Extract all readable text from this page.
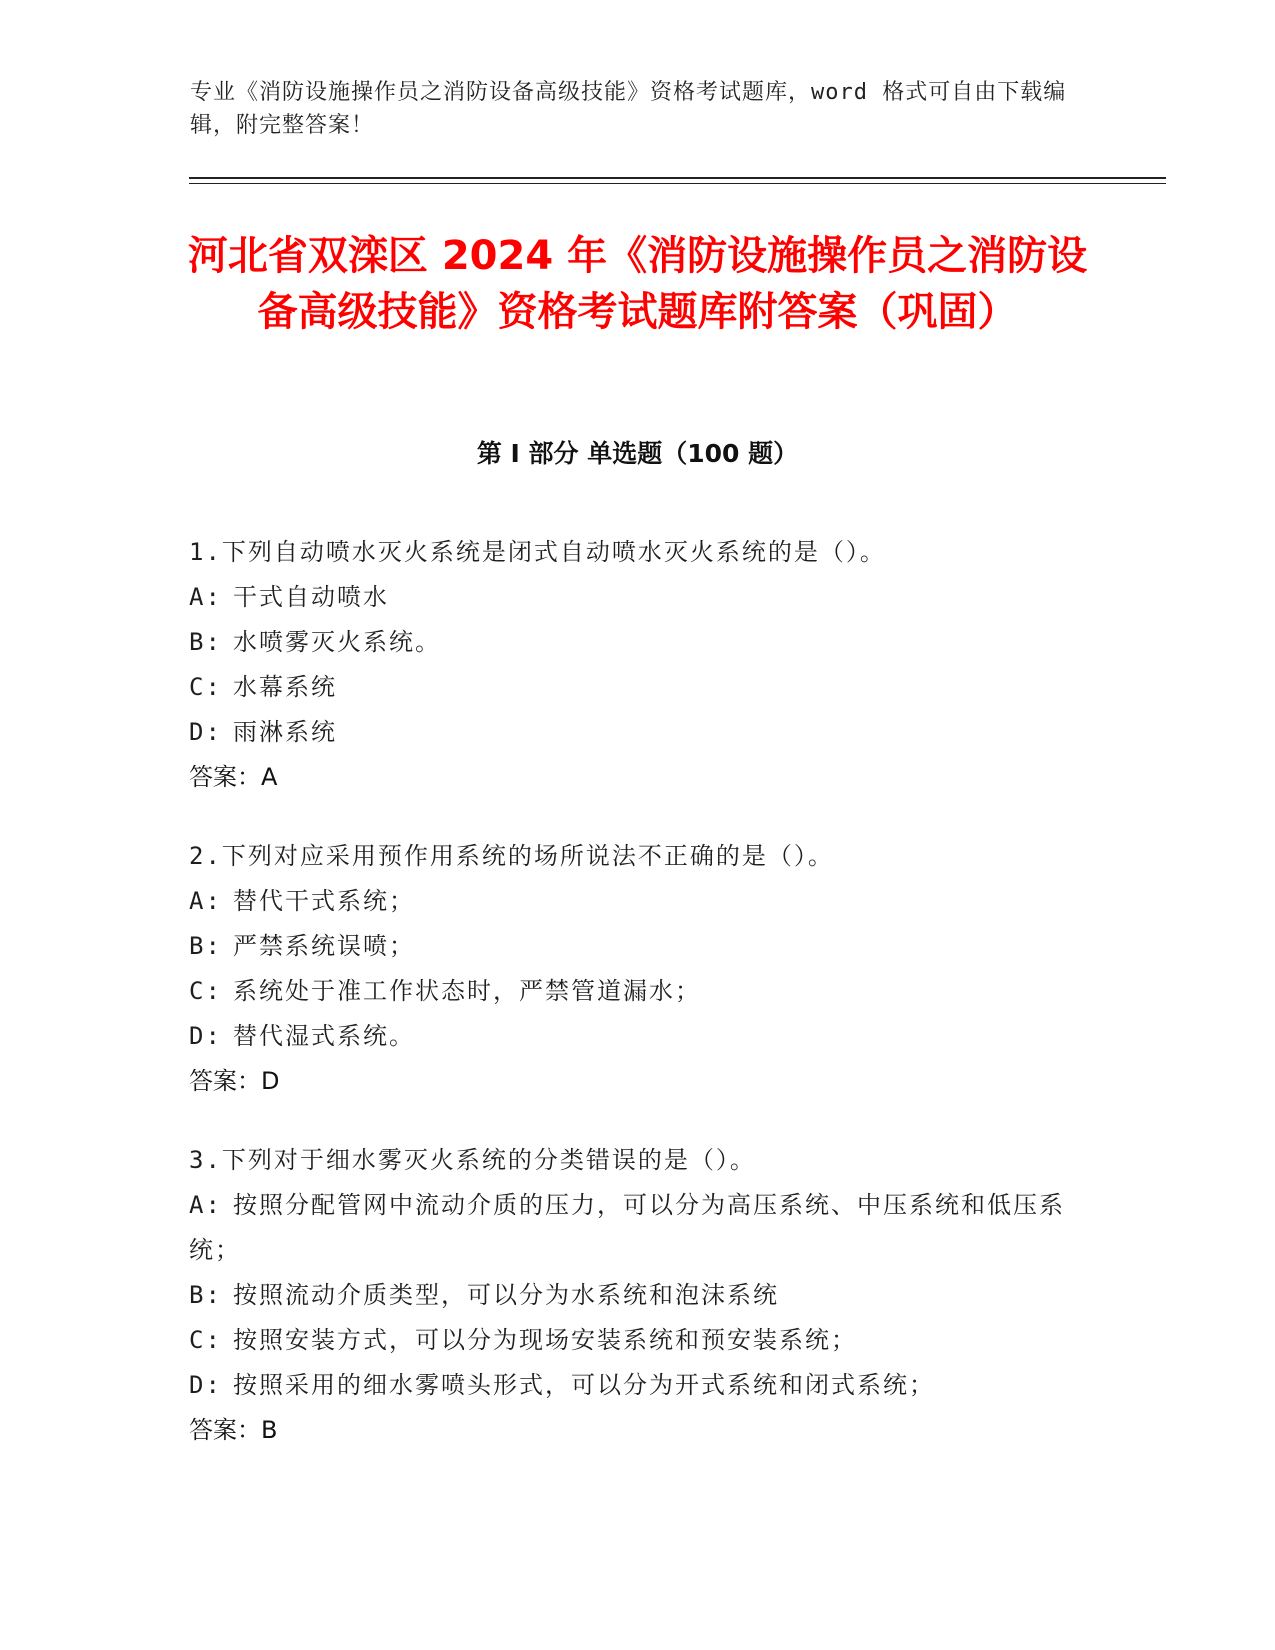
专业《消防设施操作员之消防设备高级技能》资格考试题库，word 格式可自由下载编辑，附完整答案！
河北省双滦区 2024 年《消防设施操作员之消防设备高级技能》资格考试题库附答案（巩固）
第 I 部分 单选题（100 题）
1.下列自动喷水灭火系统是闭式自动喷水灭火系统的是（）。
A: 干式自动喷水
B: 水喷雾灭火系统。
C: 水幕系统
D: 雨淋系统
答案：A
2.下列对应采用预作用系统的场所说法不正确的是（）。
A: 替代干式系统；
B: 严禁系统误喷；
C: 系统处于准工作状态时，严禁管道漏水；
D: 替代湿式系统。
答案：D
3.下列对于细水雾灭火系统的分类错误的是（）。
A: 按照分配管网中流动介质的压力，可以分为高压系统、中压系统和低压系统；
B: 按照流动介质类型，可以分为水系统和泡沫系统
C: 按照安装方式，可以分为现场安装系统和预安装系统；
D: 按照采用的细水雾喷头形式，可以分为开式系统和闭式系统；
答案：B
